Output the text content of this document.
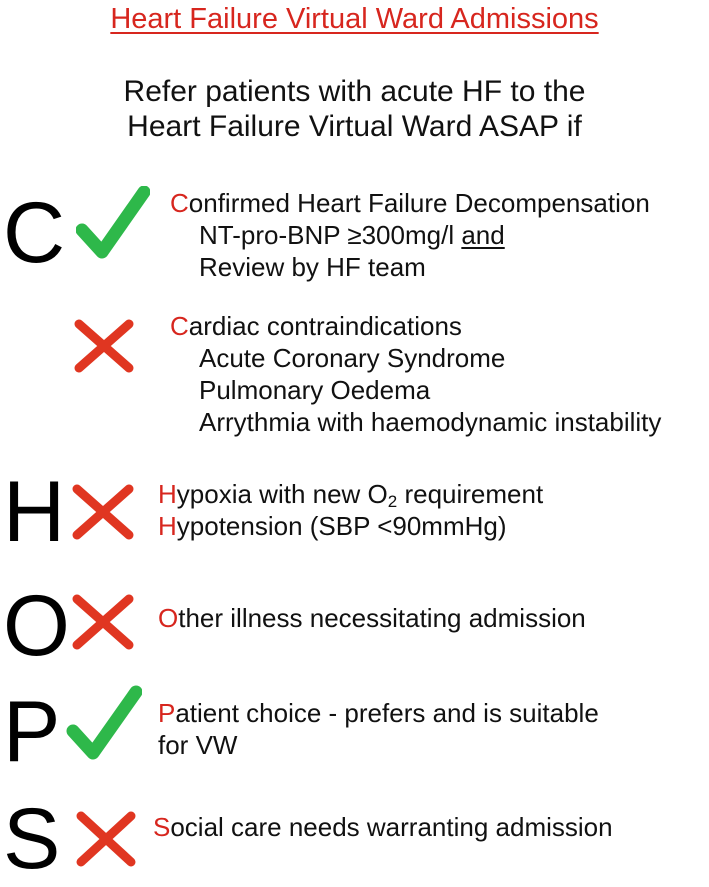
Heart Failure Virtual Ward Admissions
Refer patients with acute HF to the
Heart Failure Virtual Ward ASAP if
C	Confirmed Heart Failure Decompensation
NT-pro-BNP ≥300mg/l and
Review by HF team
Cardiac contraindications
Acute Coronary Syndrome
Pulmonary Oedema
Arrythmia with haemodynamic instability
H	Hypoxia with new $O_2$ requirement
Hypotension (SBP <90mmHg)
O	Other illness necessitating admission
P	Patient choice - prefers and is suitable
for VW
S	Social care needs warranting admission
